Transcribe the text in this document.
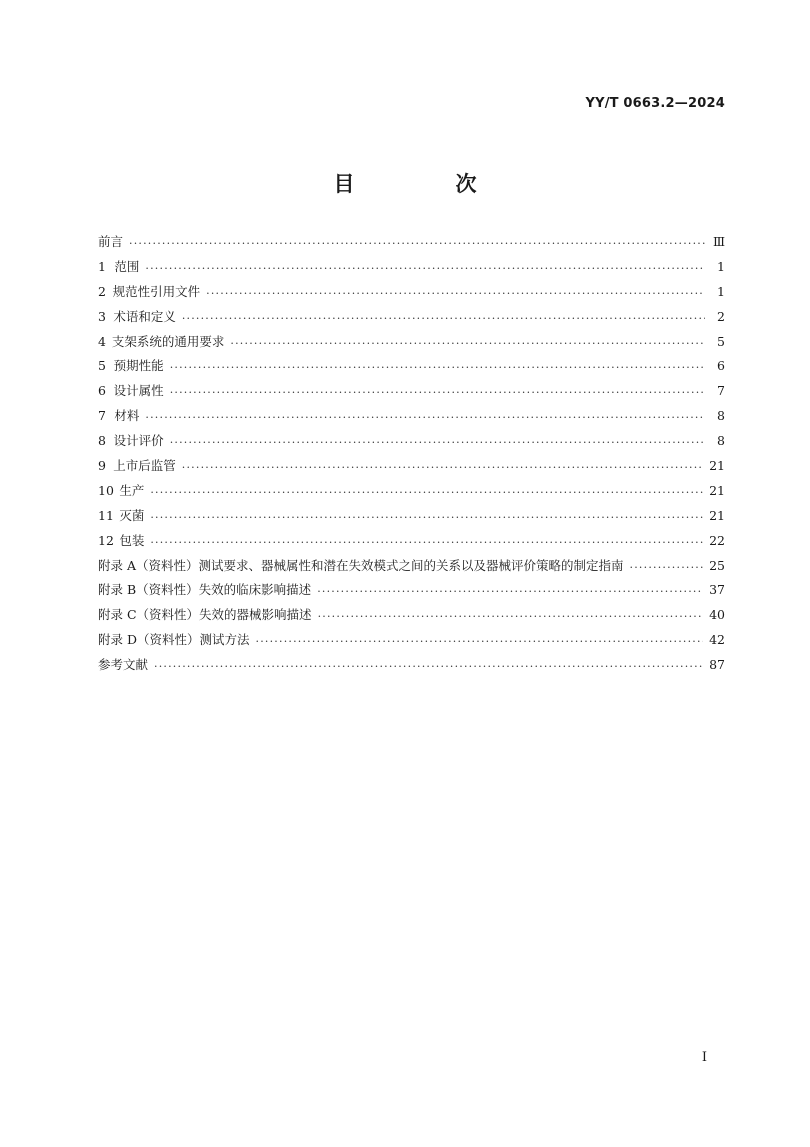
YY/T 0663.2—2024
目　次
前言 ·····	Ⅲ
1 范围 ·····	1
2 规范性引用文件 ·····	1
3 术语和定义 ·····	2
4 支架系统的通用要求 ·····	5
5 预期性能 ·····	6
6 设计属性 ·····	7
7 材料 ·····	8
8 设计评价 ·····	8
9 上市后监管 ·····	21
10 生产 ·····	21
11 灭菌 ·····	21
12 包装 ·····	22
附录 A（资料性） 测试要求、器械属性和潜在失效模式之间的关系以及器械评价策略的制定指南 ·····	25
附录 B（资料性） 失效的临床影响描述 ·····	37
附录 C（资料性） 失效的器械影响描述 ·····	40
附录 D（资料性） 测试方法 ·····	42
参考文献 ·····	87
I
